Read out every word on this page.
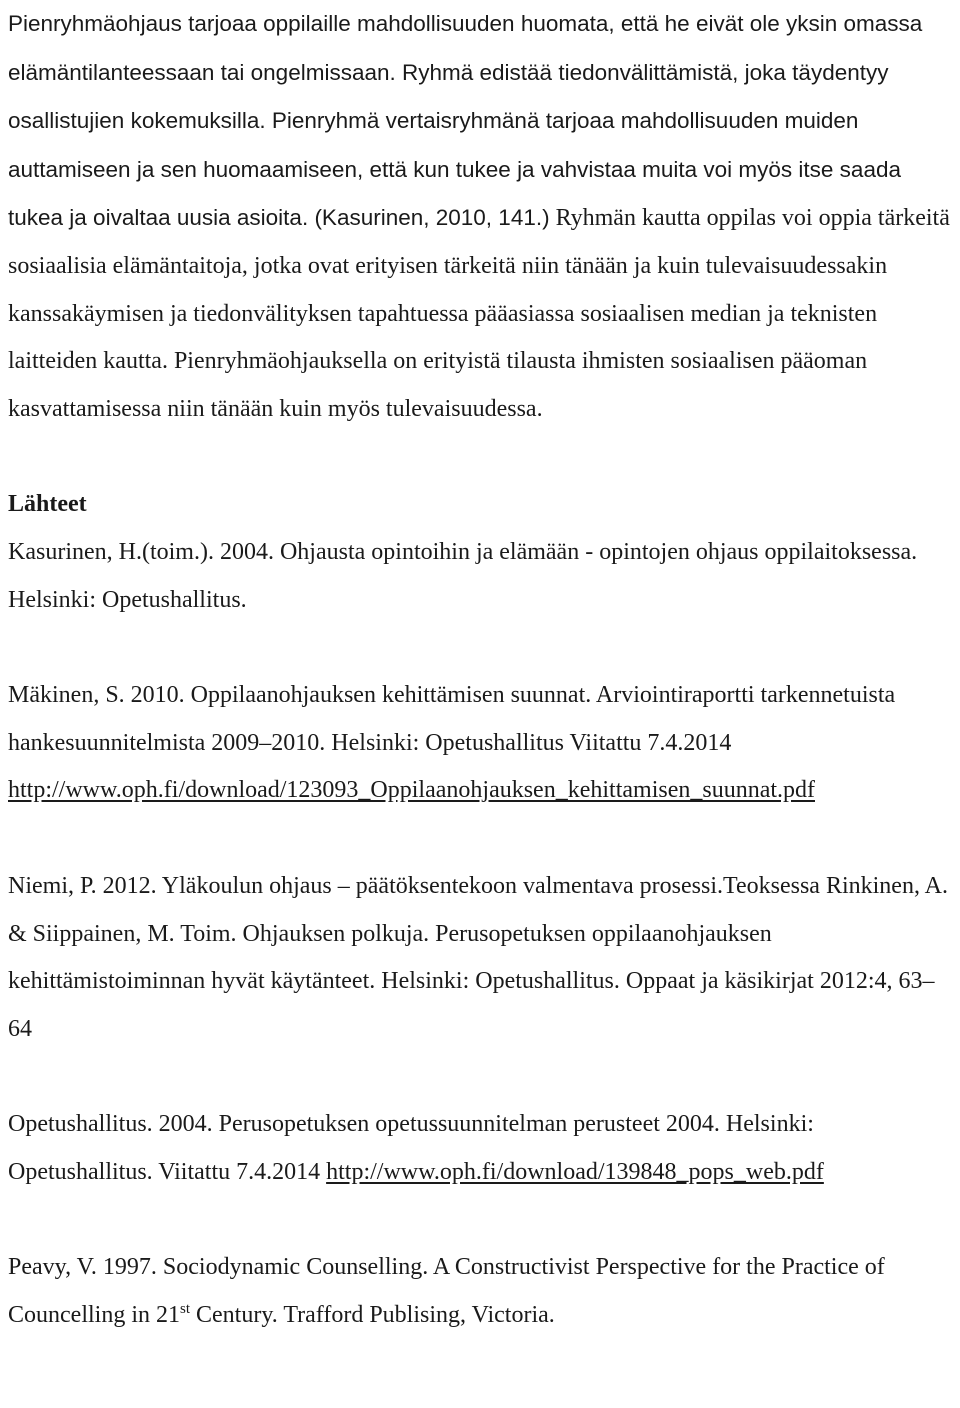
Pienryhmäohjaus tarjoaa oppilaille mahdollisuuden huomata, että he eivät ole yksin omassa elämäntilanteessaan tai ongelmissaan. Ryhmä edistää tiedonvälittämistä, joka täydentyy osallistujien kokemuksilla. Pienryhmä vertaisryhmänä tarjoaa mahdollisuuden muiden auttamiseen ja sen huomaamiseen, että kun tukee ja vahvistaa muita voi myös itse saada tukea ja oivaltaa uusia asioita. (Kasurinen, 2010, 141.) Ryhmän kautta oppilas voi oppia tärkeitä sosiaalisia elämäntaitoja, jotka ovat erityisen tärkeitä niin tänään ja kuin tulevaisuudessakin kanssakäymisen ja tiedonvälityksen tapahtuessa pääasiassa sosiaalisen median ja teknisten laitteiden kautta. Pienryhmäohjauksella on erityistä tilausta ihmisten sosiaalisen pääoman kasvattamisessa niin tänään kuin myös tulevaisuudessa.

Lähteet

Kasurinen, H.(toim.). 2004. Ohjausta opintoihin ja elämään - opintojen ohjaus oppilaitoksessa. Helsinki: Opetushallitus.

Mäkinen, S. 2010. Oppilaanohjauksen kehittämisen suunnat. Arviointiraportti tarkennetuista hankesuunnitelmista 2009–2010. Helsinki: Opetushallitus Viitattu 7.4.2014
http://www.oph.fi/download/123093_Oppilaanohjauksen_kehittamisen_suunnat.pdf

Niemi, P. 2012. Yläkoulun ohjaus – päätöksentekoon valmentava prosessi.Teoksessa Rinkinen, A. & Siippainen, M. Toim. Ohjauksen polkuja. Perusopetuksen oppilaanohjauksen kehittämistoiminnan hyvät käytänteet. Helsinki: Opetushallitus. Oppaat ja käsikirjat 2012:4, 63–64

Opetushallitus. 2004. Perusopetuksen opetussuunnitelman perusteet 2004. Helsinki: Opetushallitus. Viitattu 7.4.2014 http://www.oph.fi/download/139848_pops_web.pdf

Peavy, V. 1997. Sociodynamic Counselling. A Constructivist Perspective for the Practice of Councelling in 21st Century. Trafford Publising, Victoria.
